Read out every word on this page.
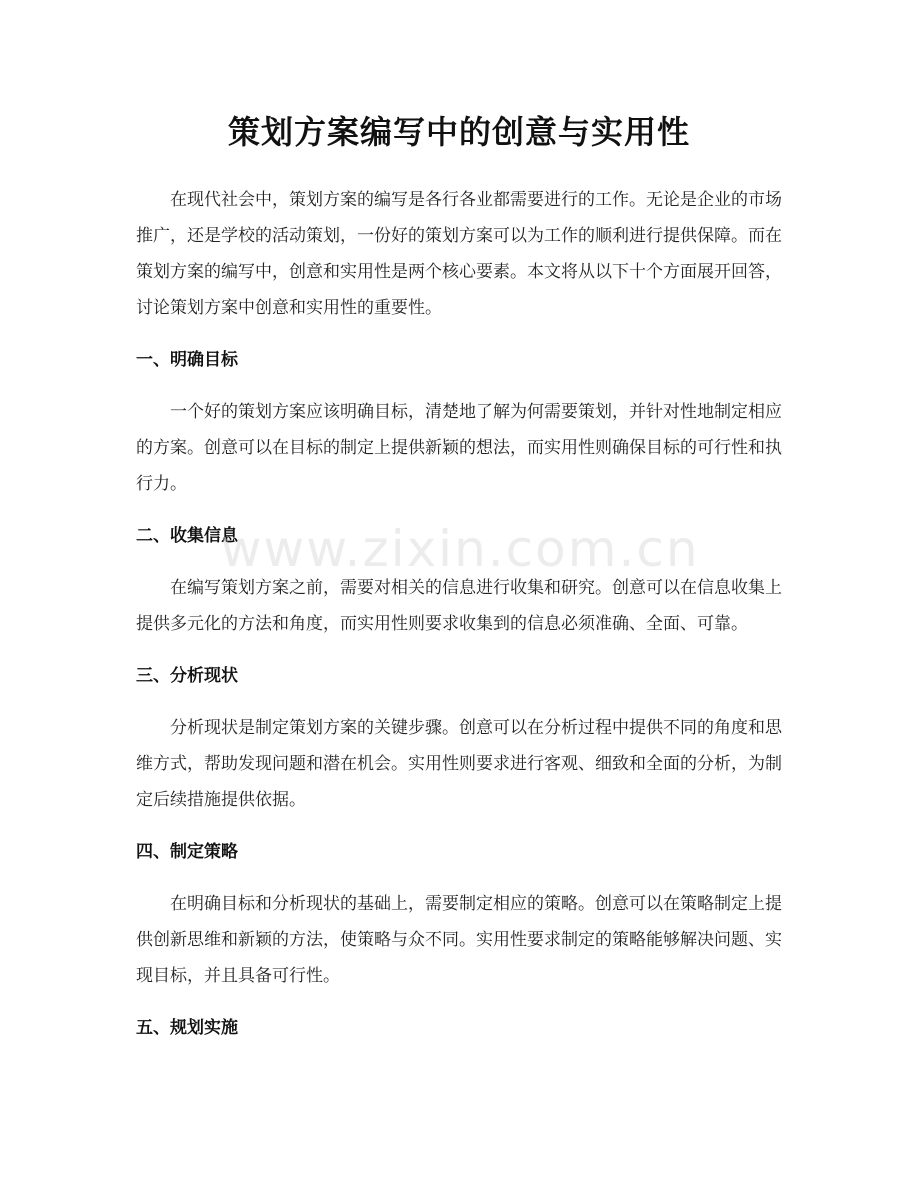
策划方案编写中的创意与实用性

在现代社会中，策划方案的编写是各行各业都需要进行的工作。无论是企业的市场推广，还是学校的活动策划，一份好的策划方案可以为工作的顺利进行提供保障。而在策划方案的编写中，创意和实用性是两个核心要素。本文将从以下十个方面展开回答，讨论策划方案中创意和实用性的重要性。

一、明确目标

一个好的策划方案应该明确目标，清楚地了解为何需要策划，并针对性地制定相应的方案。创意可以在目标的制定上提供新颖的想法，而实用性则确保目标的可行性和执行力。

二、收集信息

在编写策划方案之前，需要对相关的信息进行收集和研究。创意可以在信息收集上提供多元化的方法和角度，而实用性则要求收集到的信息必须准确、全面、可靠。

三、分析现状

分析现状是制定策划方案的关键步骤。创意可以在分析过程中提供不同的角度和思维方式，帮助发现问题和潜在机会。实用性则要求进行客观、细致和全面的分析，为制定后续措施提供依据。

四、制定策略

在明确目标和分析现状的基础上，需要制定相应的策略。创意可以在策略制定上提供创新思维和新颖的方法，使策略与众不同。实用性要求制定的策略能够解决问题、实现目标，并且具备可行性。

五、规划实施
www.zixin.com.cn
